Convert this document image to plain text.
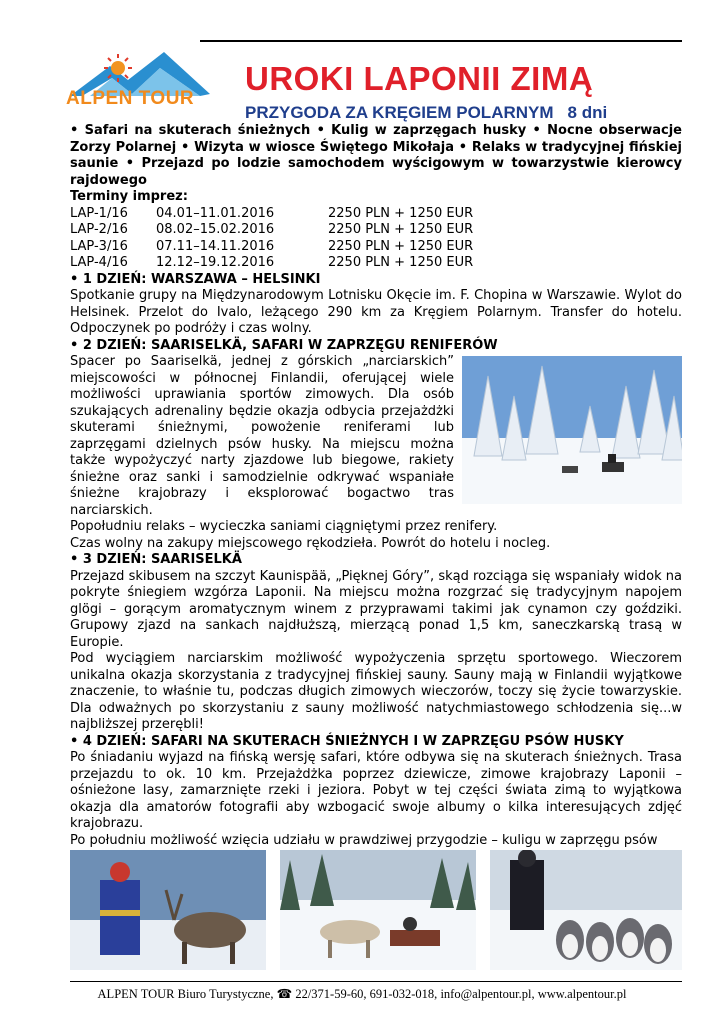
ALPEN TOUR
UROKI LAPONII ZIMĄ
PRZYGODA ZA KRĘGIEM POLARNYM 8 dni

• Safari na skuterach śnieżnych • Kulig w zaprzęgach husky • Nocne obserwacje Zorzy Polarnej • Wizyta w wiosce Świętego Mikołaja • Relaks w tradycyjnej fińskiej saunie • Przejazd po lodzie samochodem wyścigowym w towarzystwie kierowcy rajdowego

Terminy imprez:
LAP-1/16	04.01–11.01.2016	2250 PLN + 1250 EUR
LAP-2/16	08.02–15.02.2016	2250 PLN + 1250 EUR
LAP-3/16	07.11–14.11.2016	2250 PLN + 1250 EUR
LAP-4/16	12.12–19.12.2016	2250 PLN + 1250 EUR
• 1 DZIEŃ: WARSZAWA – HELSINKI

Spotkanie grupy na Międzynarodowym Lotnisku Okęcie im. F. Chopina w Warszawie. Wylot do Helsinek. Przelot do Ivalo, leżącego 290 km za Kręgiem Polarnym. Transfer do hotelu. Odpoczynek po podróży i czas wolny.

• 2 DZIEŃ: SAARISELKÄ, SAFARI W ZAPRZĘGU RENIFERÓW

Spacer po Saariselkä, jednej z górskich „narciarskich” miejscowości w północnej Finlandii, oferującej wiele możliwości uprawiania sportów zimowych. Dla osób szukających adrenaliny będzie okazja odbycia przejażdżki skuterami śnieżnymi, powożenie reniferami lub zaprzęgami dzielnych psów husky. Na miejscu można także wypożyczyć narty zjazdowe lub biegowe, rakiety śnieżne oraz sanki i samodzielnie odkrywać wspaniałe śnieżne krajobrazy i eksplorować bogactwo tras narciarskich.

Popołudniu relaks – wycieczka saniami ciągniętymi przez renifery.

Czas wolny na zakupy miejscowego rękodzieła. Powrót do hotelu i nocleg.

• 3 DZIEŃ: SAARISELKÄ

Przejazd skibusem na szczyt Kaunispää, „Pięknej Góry”, skąd rozciąga się wspaniały widok na pokryte śniegiem wzgórza Laponii. Na miejscu można rozgrzać się tradycyjnym napojem glögi – gorącym aromatycznym winem z przyprawami takimi jak cynamon czy goździki. Grupowy zjazd na sankach najdłuższą, mierzącą ponad 1,5 km, saneczkarską trasą w Europie.

Pod wyciągiem narciarskim możliwość wypożyczenia sprzętu sportowego. Wieczorem unikalna okazja skorzystania z tradycyjnej fińskiej sauny. Sauny mają w Finlandii wyjątkowe znaczenie, to właśnie tu, podczas długich zimowych wieczorów, toczy się życie towarzyskie. Dla odważnych po skorzystaniu z sauny możliwość natychmiastowego schłodzenia się...w najbliższej przerębli!

• 4 DZIEŃ: SAFARI NA SKUTERACH ŚNIEŻNYCH I W ZAPRZĘGU PSÓW HUSKY

Po śniadaniu wyjazd na fińską wersję safari, które odbywa się na skuterach śnieżnych. Trasa przejazdu to ok. 10 km. Przejażdżka poprzez dziewicze, zimowe krajobrazy Laponii – ośnieżone lasy, zamarznięte rzeki i jeziora. Pobyt w tej części świata zimą to wyjątkowa okazja dla amatorów fotografii aby wzbogacić swoje albumy o kilka interesujących zdjęć krajobrazu.

Po południu możliwość wzięcia udziału w prawdziwej przygodzie – kuligu w zaprzęgu psów

ALPEN TOUR Biuro Turystyczne, ☎ 22/371-59-60, 691-032-018, info@alpentour.pl, www.alpentour.pl
